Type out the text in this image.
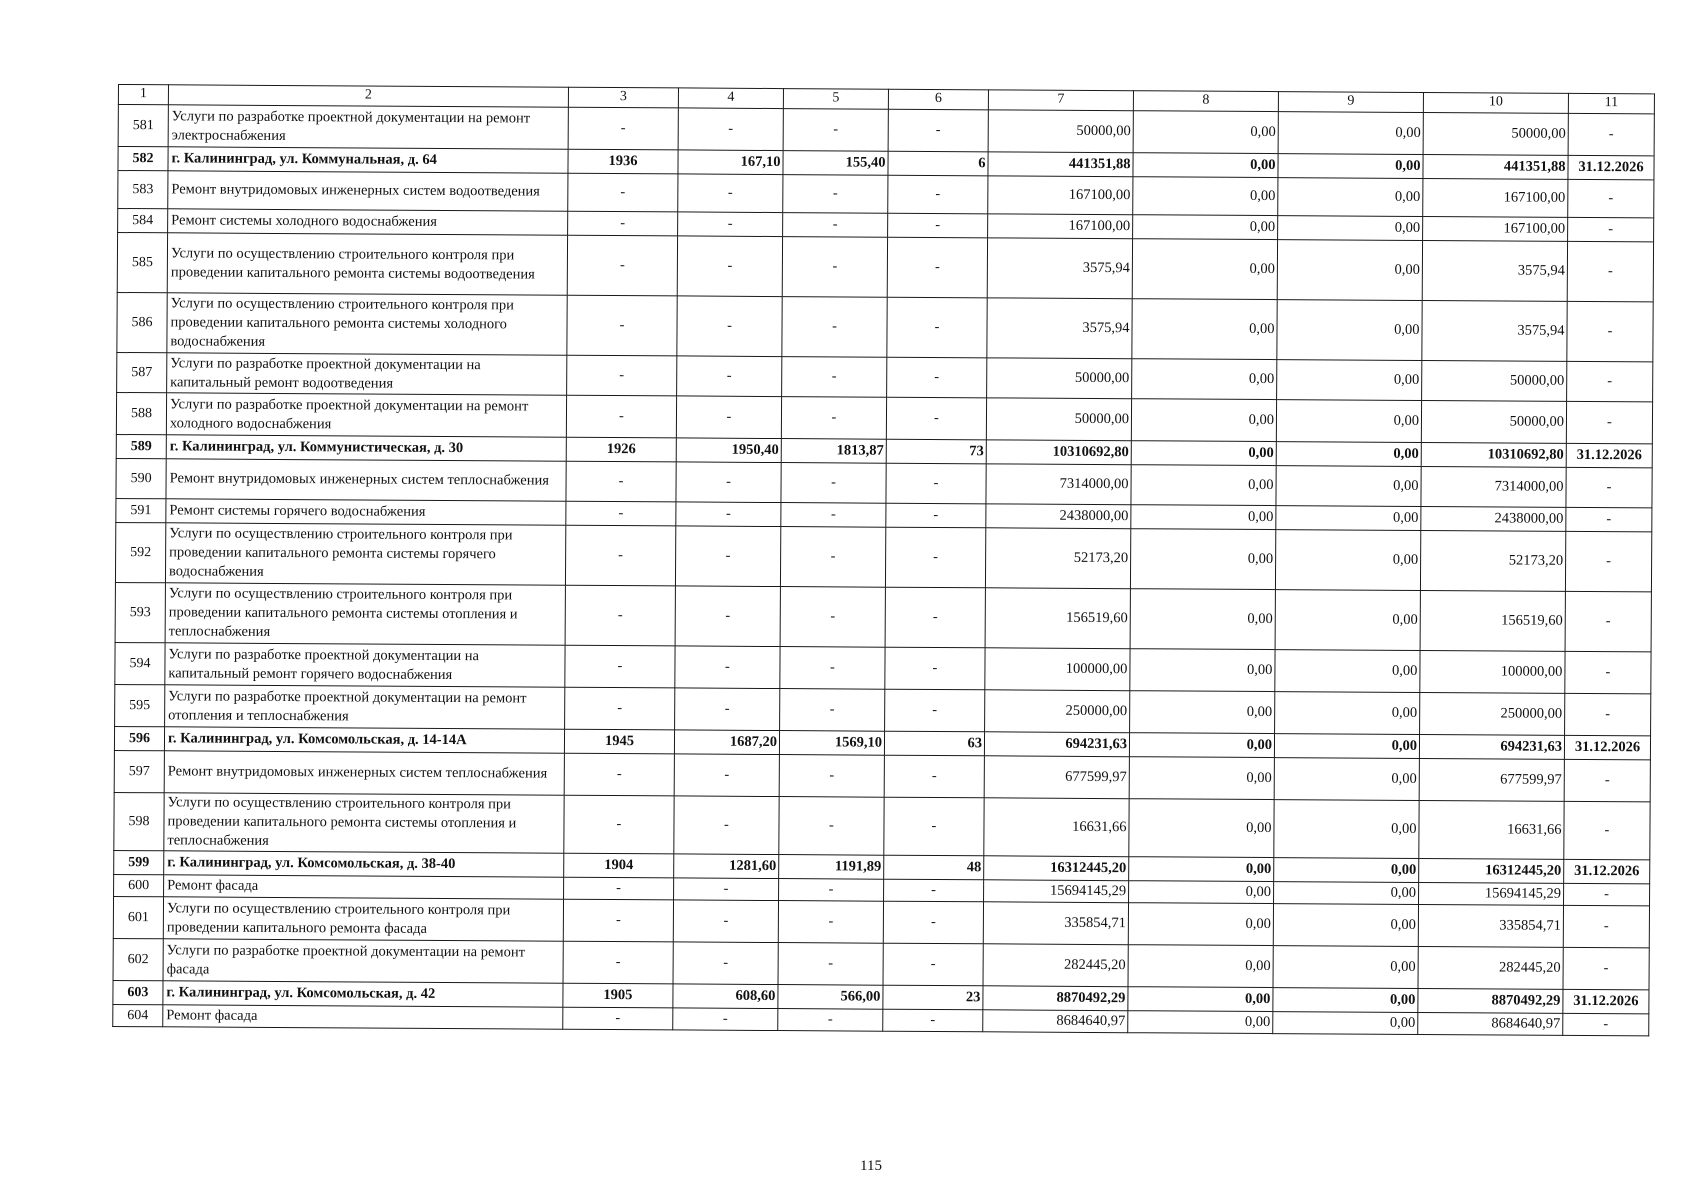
1	2	3	4	5	6	7	8	9	10	11
581	Услуги по разработке проектной документации на ремонт электроснабжения	-	-	-	-	50000,00	0,00	0,00	50000,00	-
582	г. Калининград, ул. Коммунальная, д. 64	1936	167,10	155,40	6	441351,88	0,00	0,00	441351,88	31.12.2026
583	Ремонт внутридомовых инженерных систем водоотведения	-	-	-	-	167100,00	0,00	0,00	167100,00	-
584	Ремонт системы холодного водоснабжения	-	-	-	-	167100,00	0,00	0,00	167100,00	-
585	Услуги по осуществлению строительного контроля при проведении капитального ремонта системы водоотведения	-	-	-	-	3575,94	0,00	0,00	3575,94	-
586	Услуги по осуществлению строительного контроля при проведении капитального ремонта системы холодного водоснабжения	-	-	-	-	3575,94	0,00	0,00	3575,94	-
587	Услуги по разработке проектной документации на капитальный ремонт водоотведения	-	-	-	-	50000,00	0,00	0,00	50000,00	-
588	Услуги по разработке проектной документации на ремонт холодного водоснабжения	-	-	-	-	50000,00	0,00	0,00	50000,00	-
589	г. Калининград, ул. Коммунистическая, д. 30	1926	1950,40	1813,87	73	10310692,80	0,00	0,00	10310692,80	31.12.2026
590	Ремонт внутридомовых инженерных систем теплоснабжения	-	-	-	-	7314000,00	0,00	0,00	7314000,00	-
591	Ремонт системы горячего водоснабжения	-	-	-	-	2438000,00	0,00	0,00	2438000,00	-
592	Услуги по осуществлению строительного контроля при проведении капитального ремонта системы горячего водоснабжения	-	-	-	-	52173,20	0,00	0,00	52173,20	-
593	Услуги по осуществлению строительного контроля при проведении капитального ремонта системы отопления и теплоснабжения	-	-	-	-	156519,60	0,00	0,00	156519,60	-
594	Услуги по разработке проектной документации на капитальный ремонт горячего водоснабжения	-	-	-	-	100000,00	0,00	0,00	100000,00	-
595	Услуги по разработке проектной документации на ремонт отопления и теплоснабжения	-	-	-	-	250000,00	0,00	0,00	250000,00	-
596	г. Калининград, ул. Комсомольская, д. 14-14А	1945	1687,20	1569,10	63	694231,63	0,00	0,00	694231,63	31.12.2026
597	Ремонт внутридомовых инженерных систем теплоснабжения	-	-	-	-	677599,97	0,00	0,00	677599,97	-
598	Услуги по осуществлению строительного контроля при проведении капитального ремонта системы отопления и теплоснабжения	-	-	-	-	16631,66	0,00	0,00	16631,66	-
599	г. Калининград, ул. Комсомольская, д. 38-40	1904	1281,60	1191,89	48	16312445,20	0,00	0,00	16312445,20	31.12.2026
600	Ремонт фасада	-	-	-	-	15694145,29	0,00	0,00	15694145,29	-
601	Услуги по осуществлению строительного контроля при проведении капитального ремонта фасада	-	-	-	-	335854,71	0,00	0,00	335854,71	-
602	Услуги по разработке проектной документации на ремонт фасада	-	-	-	-	282445,20	0,00	0,00	282445,20	-
603	г. Калининград, ул. Комсомольская, д. 42	1905	608,60	566,00	23	8870492,29	0,00	0,00	8870492,29	31.12.2026
604	Ремонт фасада	-	-	-	-	8684640,97	0,00	0,00	8684640,97	-
115
